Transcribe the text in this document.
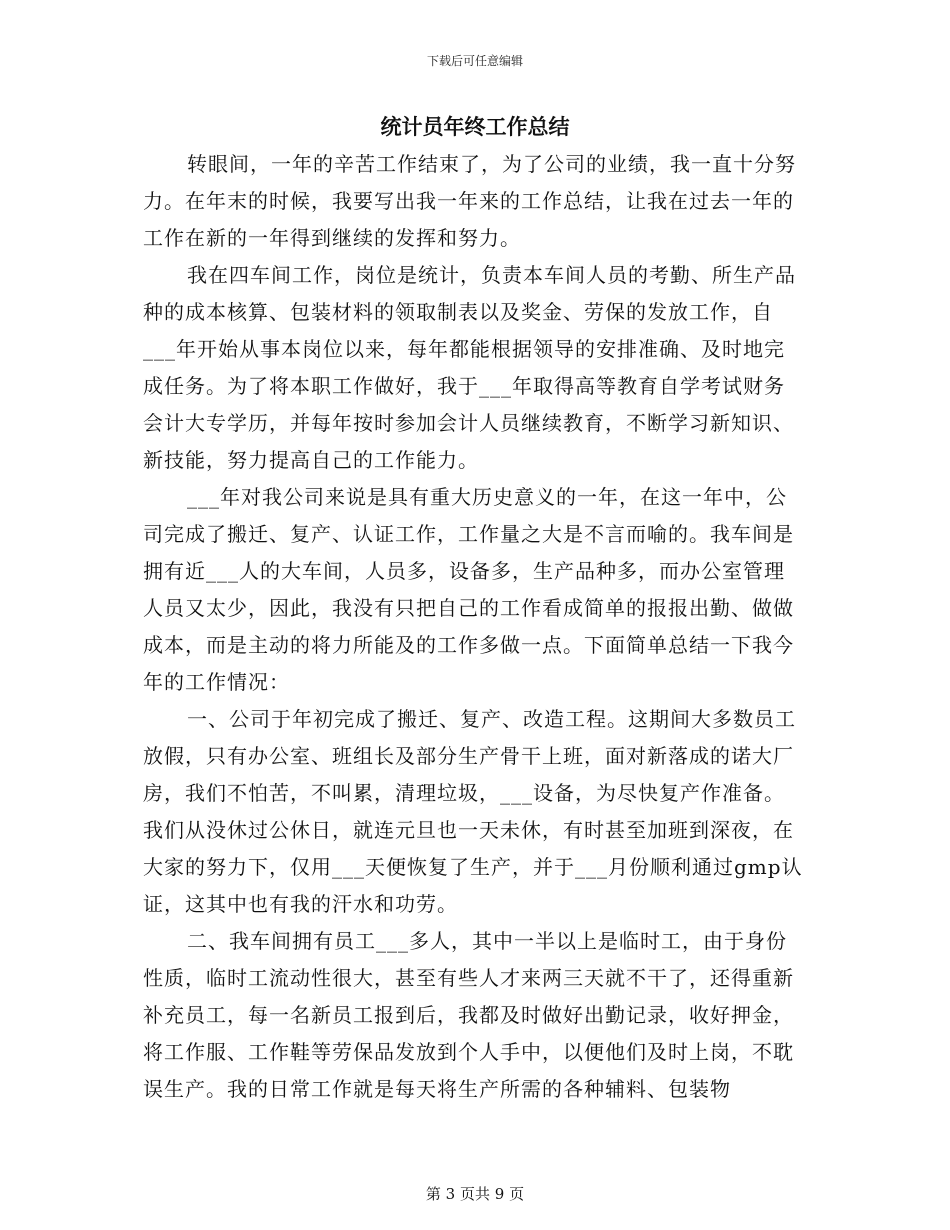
下载后可任意编辑
统计员年终工作总结

转眼间，一年的辛苦工作结束了，为了公司的业绩，我一直十分努力。在年末的时候，我要写出我一年来的工作总结，让我在过去一年的工作在新的一年得到继续的发挥和努力。

我在四车间工作，岗位是统计，负责本车间人员的考勤、所生产品种的成本核算、包装材料的领取制表以及奖金、劳保的发放工作，自___年开始从事本岗位以来，每年都能根据领导的安排准确、及时地完成任务。为了将本职工作做好，我于___年取得高等教育自学考试财务会计大专学历，并每年按时参加会计人员继续教育，不断学习新知识、新技能，努力提高自己的工作能力。

___年对我公司来说是具有重大历史意义的一年，在这一年中，公司完成了搬迁、复产、认证工作，工作量之大是不言而喻的。我车间是拥有近___人的大车间，人员多，设备多，生产品种多，而办公室管理人员又太少，因此，我没有只把自己的工作看成简单的报报出勤、做做成本，而是主动的将力所能及的工作多做一点。下面简单总结一下我今年的工作情况：

一、公司于年初完成了搬迁、复产、改造工程。这期间大多数员工放假，只有办公室、班组长及部分生产骨干上班，面对新落成的诺大厂房，我们不怕苦，不叫累，清理垃圾，___设备，为尽快复产作准备。我们从没休过公休日，就连元旦也一天未休，有时甚至加班到深夜，在大家的努力下，仅用___天便恢复了生产，并于___月份顺利通过gmp认证，这其中也有我的汗水和功劳。

二、我车间拥有员工___多人，其中一半以上是临时工，由于身份性质，临时工流动性很大，甚至有些人才来两三天就不干了，还得重新补充员工，每一名新员工报到后，我都及时做好出勤记录，收好押金，将工作服、工作鞋等劳保品发放到个人手中，以便他们及时上岗，不耽误生产。我的日常工作就是每天将生产所需的各种辅料、包装物

第 3 页共 9 页
